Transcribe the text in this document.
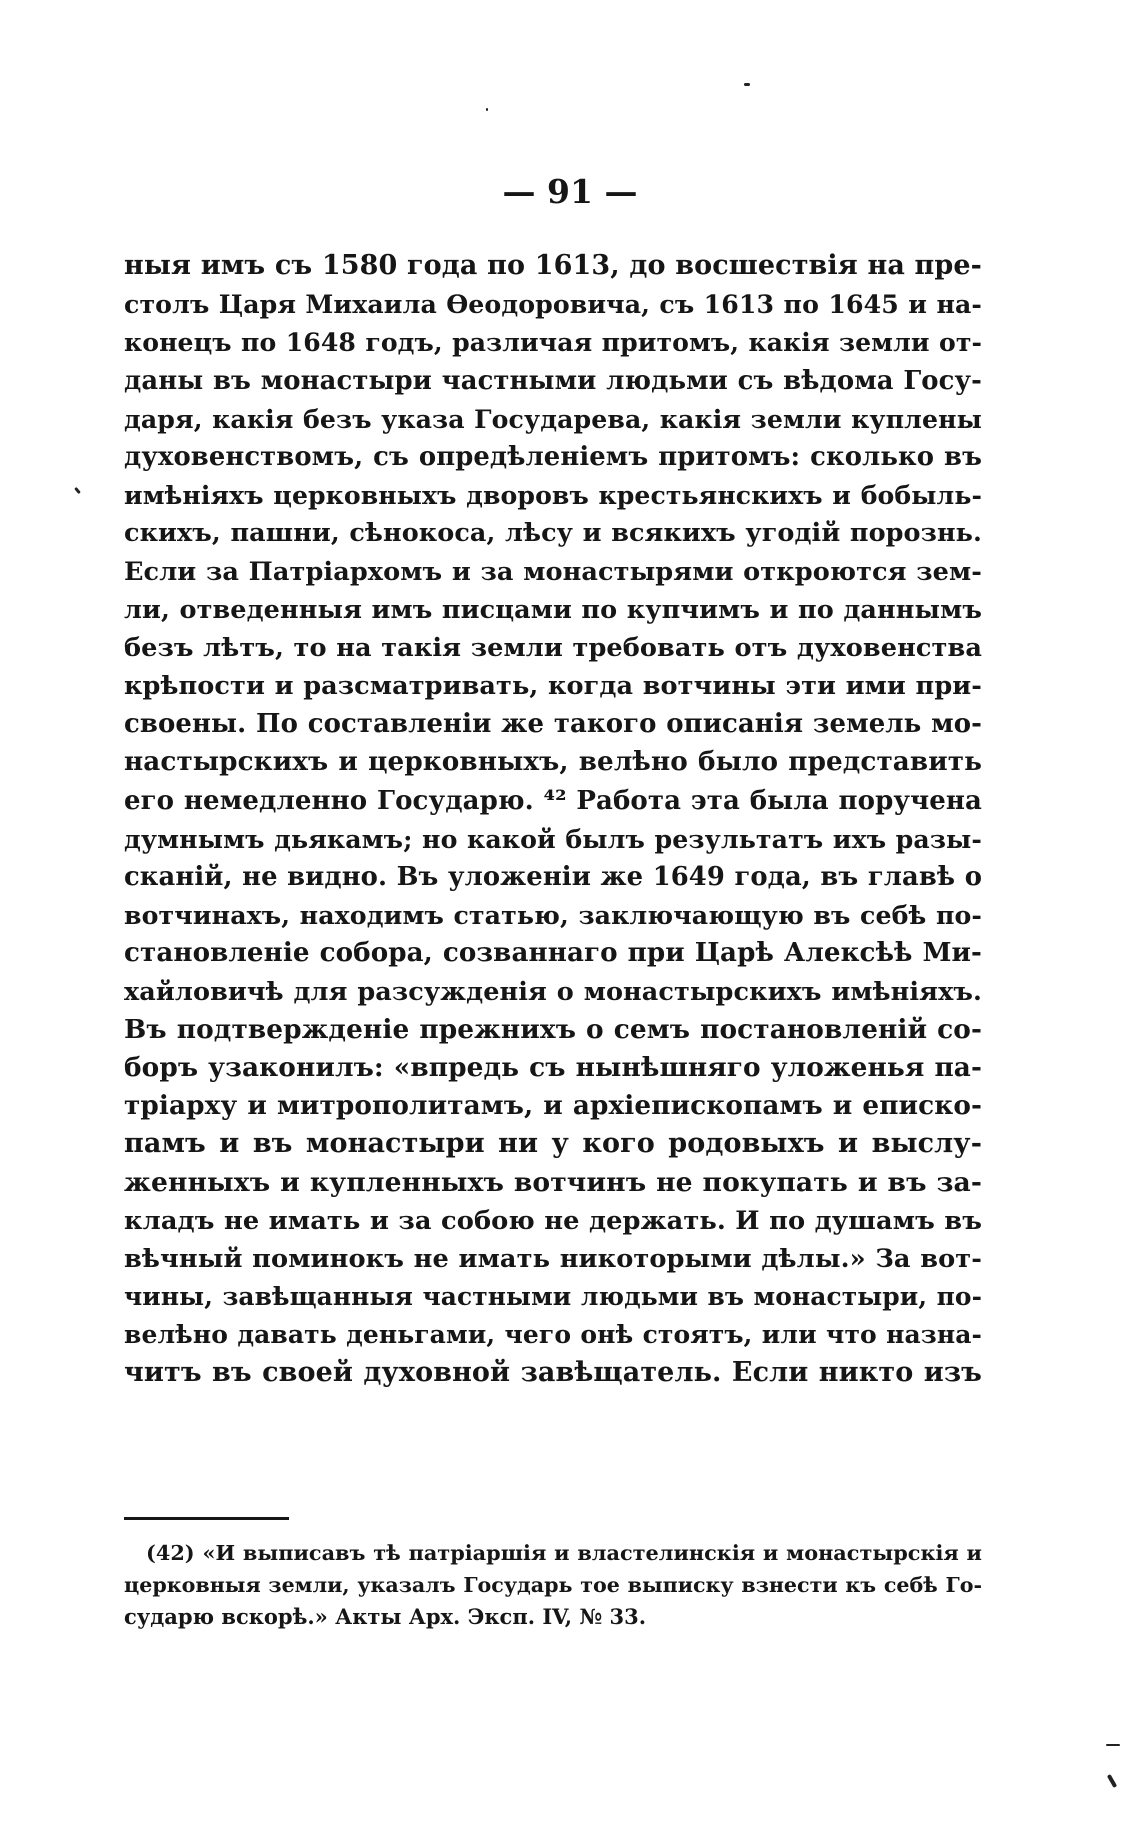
— 91 —
ныя имъ съ 1580 года по 1613, до восшествія на пре-
столъ Царя Михаила Ѳеодоровича, съ 1613 по 1645 и на-
конецъ по 1648 годъ, различая притомъ, какія земли от-
даны въ монастыри частными людьми съ вѣдома Госу-
даря, какія безъ указа Государева, какія земли куплены
духовенствомъ, съ опредѣленіемъ притомъ: сколько въ
имѣніяхъ церковныхъ дворовъ крестьянскихъ и бобыль-
скихъ, пашни, сѣнокоса, лѣсу и всякихъ угодій порознь.
Если за Патріархомъ и за монастырями откроются зем-
ли, отведенныя имъ писцами по купчимъ и по даннымъ
безъ лѣтъ, то на такія земли требовать отъ духовенства
крѣпости и разсматривать, когда вотчины эти ими при-
своены. По составленіи же такого описанія земель мо-
настырскихъ и церковныхъ, велѣно было представить
его немедленно Государю. ⁴² Работа эта была поручена
думнымъ дьякамъ; но какой былъ результатъ ихъ разы-
сканій, не видно. Въ уложеніи же 1649 года, въ главѣ о
вотчинахъ, находимъ статью, заключающую въ себѣ по-
становленіе собора, созваннаго при Царѣ Алексѣѣ Ми-
хайловичѣ для разсужденія о монастырскихъ имѣніяхъ.
Въ подтвержденіе прежнихъ о семъ постановленій со-
боръ узаконилъ: «впредь съ нынѣшняго уложенья па-
тріарху и митрополитамъ, и архіепископамъ и еписко-
памъ и въ монастыри ни у кого родовыхъ и выслу-
женныхъ и купленныхъ вотчинъ не покупать и въ за-
кладъ не имать и за собою не держать. И по душамъ въ
вѣчный поминокъ не имать никоторыми дѣлы.» За вот-
чины, завѣщанныя частными людьми въ монастыри, по-
велѣно давать деньгами, чего онѣ стоятъ, или что назна-
читъ въ своей духовной завѣщатель. Если никто изъ
(42) «И выписавъ тѣ патріаршія и властелинскія и монастырскія и
церковныя земли, указалъ Государь тое выписку взнести къ себѣ Го-
сударю вскорѣ.» Акты Арх. Эксп. IV, № 33.
